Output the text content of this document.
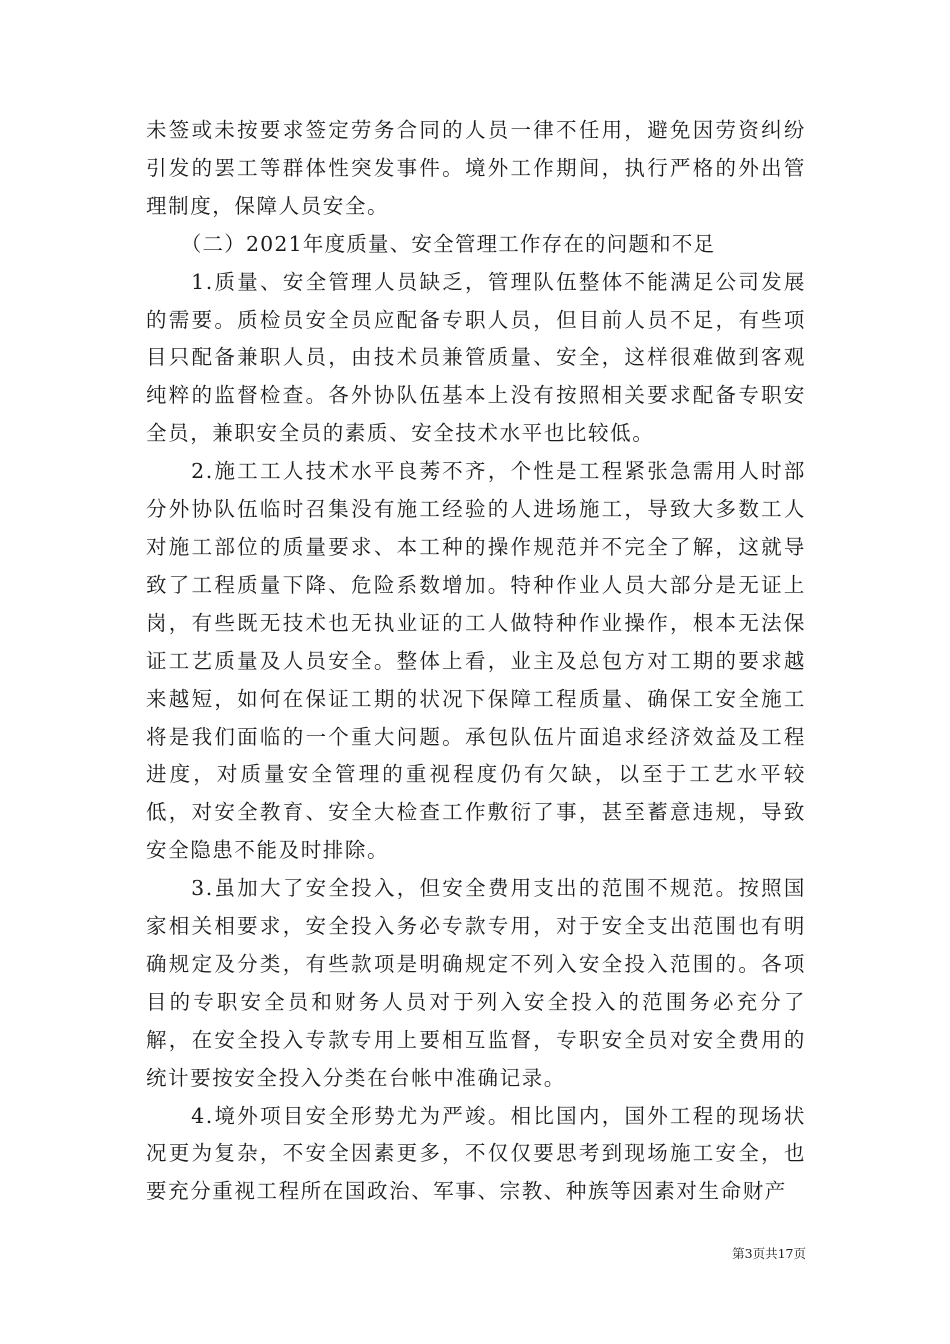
未签或未按要求签定劳务合同的人员一律不任用，避免因劳资纠纷引发的罢工等群体性突发事件。境外工作期间，执行严格的外出管理制度，保障人员安全。

（二）2021年度质量、安全管理工作存在的问题和不足

1.质量、安全管理人员缺乏，管理队伍整体不能满足公司发展的需要。质检员安全员应配备专职人员，但目前人员不足，有些项目只配备兼职人员，由技术员兼管质量、安全，这样很难做到客观纯粹的监督检查。各外协队伍基本上没有按照相关要求配备专职安全员，兼职安全员的素质、安全技术水平也比较低。

2.施工工人技术水平良莠不齐，个性是工程紧张急需用人时部分外协队伍临时召集没有施工经验的人进场施工，导致大多数工人对施工部位的质量要求、本工种的操作规范并不完全了解，这就导致了工程质量下降、危险系数增加。特种作业人员大部分是无证上岗，有些既无技术也无执业证的工人做特种作业操作，根本无法保证工艺质量及人员安全。整体上看，业主及总包方对工期的要求越来越短，如何在保证工期的状况下保障工程质量、确保工安全施工将是我们面临的一个重大问题。承包队伍片面追求经济效益及工程进度，对质量安全管理的重视程度仍有欠缺，以至于工艺水平较低，对安全教育、安全大检查工作敷衍了事，甚至蓄意违规，导致安全隐患不能及时排除。

3.虽加大了安全投入，但安全费用支出的范围不规范。按照国家相关相要求，安全投入务必专款专用，对于安全支出范围也有明确规定及分类，有些款项是明确规定不列入安全投入范围的。各项目的专职安全员和财务人员对于列入安全投入的范围务必充分了解，在安全投入专款专用上要相互监督，专职安全员对安全费用的统计要按安全投入分类在台帐中准确记录。

4.境外项目安全形势尤为严竣。相比国内，国外工程的现场状况更为复杂，不安全因素更多，不仅仅要思考到现场施工安全，也要充分重视工程所在国政治、军事、宗教、种族等因素对生命财产

第3页共17页
